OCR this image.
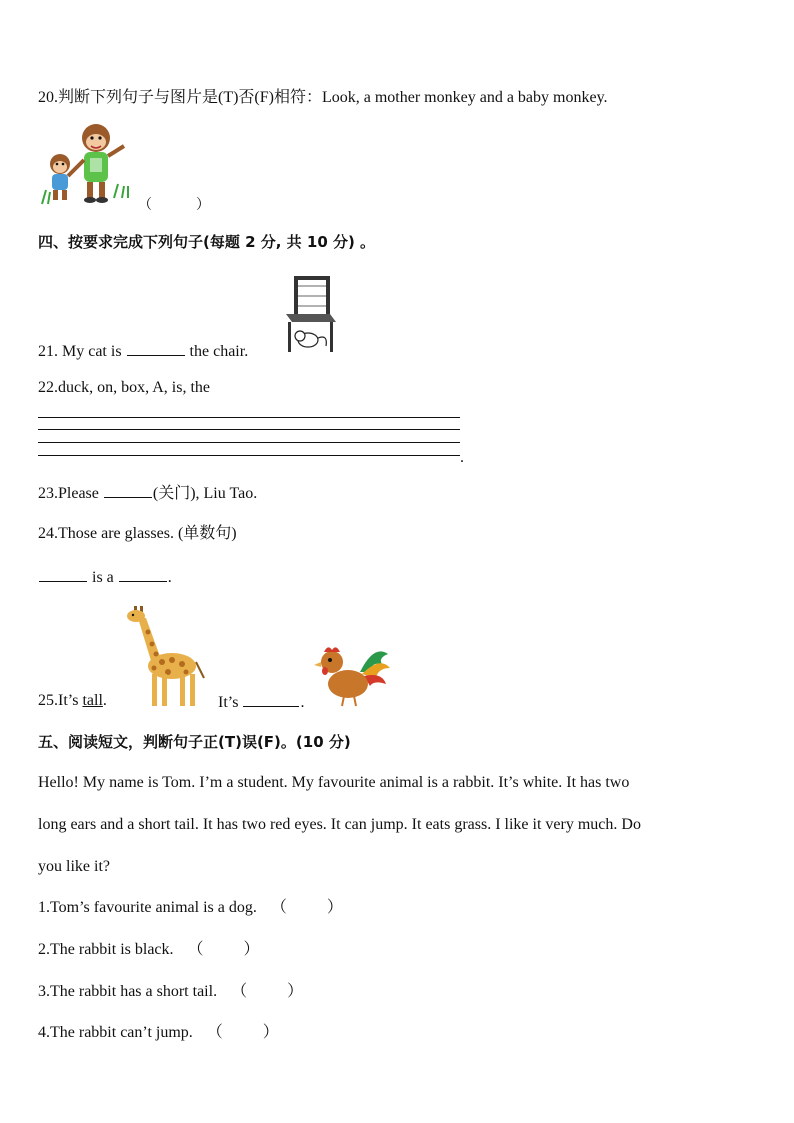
20.判断下列句子与图片是(T)否(F)相符：Look, a mother monkey and a baby monkey.
（	）
四、按要求完成下列句子(每题 2 分, 共 10 分) 。
21. My cat is	the chair.
22.duck, on, box, A, is, the
.
23.Please	(关门), Liu Tao.
24.Those are glasses. (单数句)
is a	.
25.It’s tall.	It’s	.
五、阅读短文，判断句子正(T)误(F)。(10 分)
Hello! My name is Tom. I’m a student. My favourite animal is a rabbit. It’s white. It has two
long ears and a short tail. It has two red eyes. It can jump. It eats grass. I like it very much. Do
you like it?
1.Tom’s favourite animal is a dog. （	）
2.The rabbit is black. （	）
3.The rabbit has a short tail. （	）
4.The rabbit can’t jump. （	）
